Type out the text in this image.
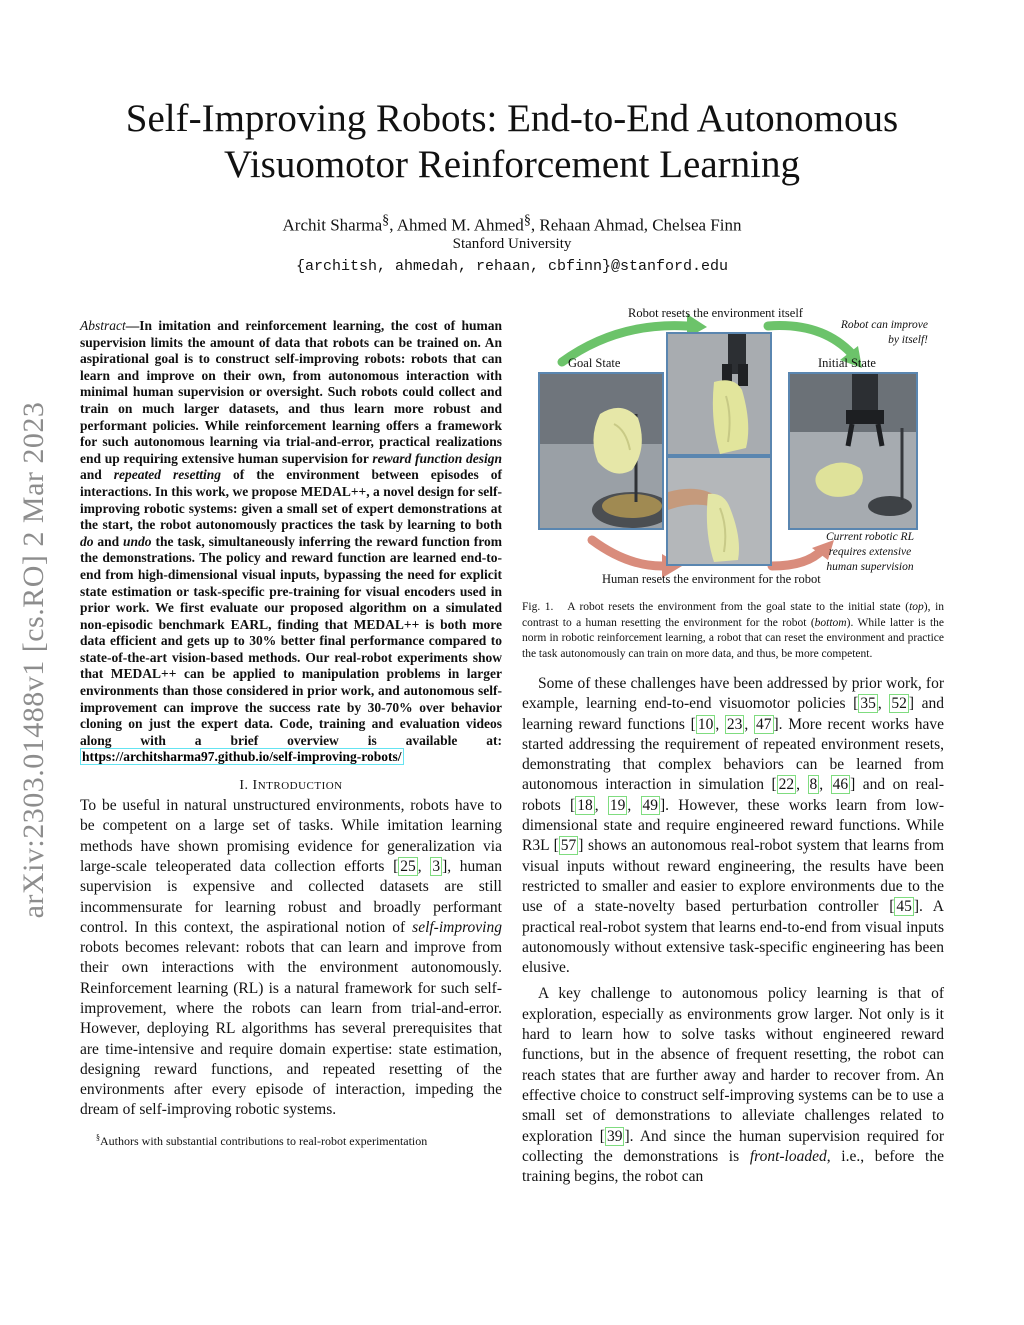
arXiv:2303.01488v1 [cs.RO] 2 Mar 2023
Self-Improving Robots: End-to-End Autonomous
Visuomotor Reinforcement Learning
Archit Sharma§, Ahmed M. Ahmed§, Rehaan Ahmad, Chelsea Finn
Stanford University
{architsh, ahmedah, rehaan, cbfinn}@stanford.edu

Abstract—In imitation and reinforcement learning, the cost of human supervision limits the amount of data that robots can be trained on. An aspirational goal is to construct self-improving robots: robots that can learn and improve on their own, from autonomous interaction with minimal human supervision or oversight. Such robots could collect and train on much larger datasets, and thus learn more robust and performant policies. While reinforcement learning offers a framework for such autonomous learning via trial-and-error, practical realizations end up requiring extensive human supervision for reward function design and repeated resetting of the environment between episodes of interactions. In this work, we propose MEDAL++, a novel design for self-improving robotic systems: given a small set of expert demonstrations at the start, the robot autonomously practices the task by learning to both do and undo the task, simultaneously inferring the reward function from the demonstrations. The policy and reward function are learned end-to-end from high-dimensional visual inputs, bypassing the need for explicit state estimation or task-specific pre-training for visual encoders used in prior work. We first evaluate our proposed algorithm on a simulated non-episodic benchmark EARL, finding that MEDAL++ is both more data efficient and gets up to 30% better final performance compared to state-of-the-art vision-based methods. Our real-robot experiments show that MEDAL++ can be applied to manipulation problems in larger environments than those considered in prior work, and autonomous self-improvement can improve the success rate by 30-70% over behavior cloning on just the expert data. Code, training and evaluation videos along with a brief overview is available at: https://architsharma97.github.io/self-improving-robots/

I. INTRODUCTION

To be useful in natural unstructured environments, robots have to be competent on a large set of tasks. While imitation learning methods have shown promising evidence for generalization via large-scale teleoperated data collection efforts [ 25 , 3 ], human supervision is expensive and collected datasets are still incommensurate for learning robust and broadly performant control. In this context, the aspirational notion of self-improving robots becomes relevant: robots that can learn and improve from their own interactions with the environment autonomously. Reinforcement learning (RL) is a natural framework for such self-improvement, where the robots can learn from trial-and-error. However, deploying RL algorithms has several prerequisites that are time-intensive and require domain expertise: state estimation, designing reward functions, and repeated resetting of the environments after every episode of interaction, impeding the dream of self-improving robotic systems.

§Authors with substantial contributions to real-robot experimentation
Robot resets the environment itself
Goal State	Initial State
Robot can improve
by itself!
Current robotic RL
requires extensive
human supervision
Human resets the environment for the robot

Fig. 1. A robot resets the environment from the goal state to the initial state (top), in contrast to a human resetting the environment for the robot (bottom). While latter is the norm in robotic reinforcement learning, a robot that can reset the environment and practice the task autonomously can train on more data, and thus, be more competent.

Some of these challenges have been addressed by prior work, for example, learning end-to-end visuomotor policies [ 35 , 52 ] and learning reward functions [ 10 , 23 , 47 ]. More recent works have started addressing the requirement of repeated environment resets, demonstrating that complex behaviors can be learned from autonomous interaction in simulation [ 22 , 8 , 46 ] and on real-robots [ 18 , 19 , 49 ]. However, these works learn from low-dimensional state and require engineered reward functions. While R3L [ 57 ] shows an autonomous real-robot system that learns from visual inputs without reward engineering, the results have been restricted to smaller and easier to explore environments due to the use of a state-novelty based perturbation controller [ 45 ]. A practical real-robot system that learns end-to-end from visual inputs autonomously without extensive task-specific engineering has been elusive.

A key challenge to autonomous policy learning is that of exploration, especially as environments grow larger. Not only is it hard to learn how to solve tasks without engineered reward functions, but in the absence of frequent resetting, the robot can reach states that are further away and harder to recover from. An effective choice to construct self-improving systems can be to use a small set of demonstrations to alleviate challenges related to exploration [ 39 ]. And since the human supervision required for collecting the demonstrations is front-loaded, i.e., before the training begins, the robot can
